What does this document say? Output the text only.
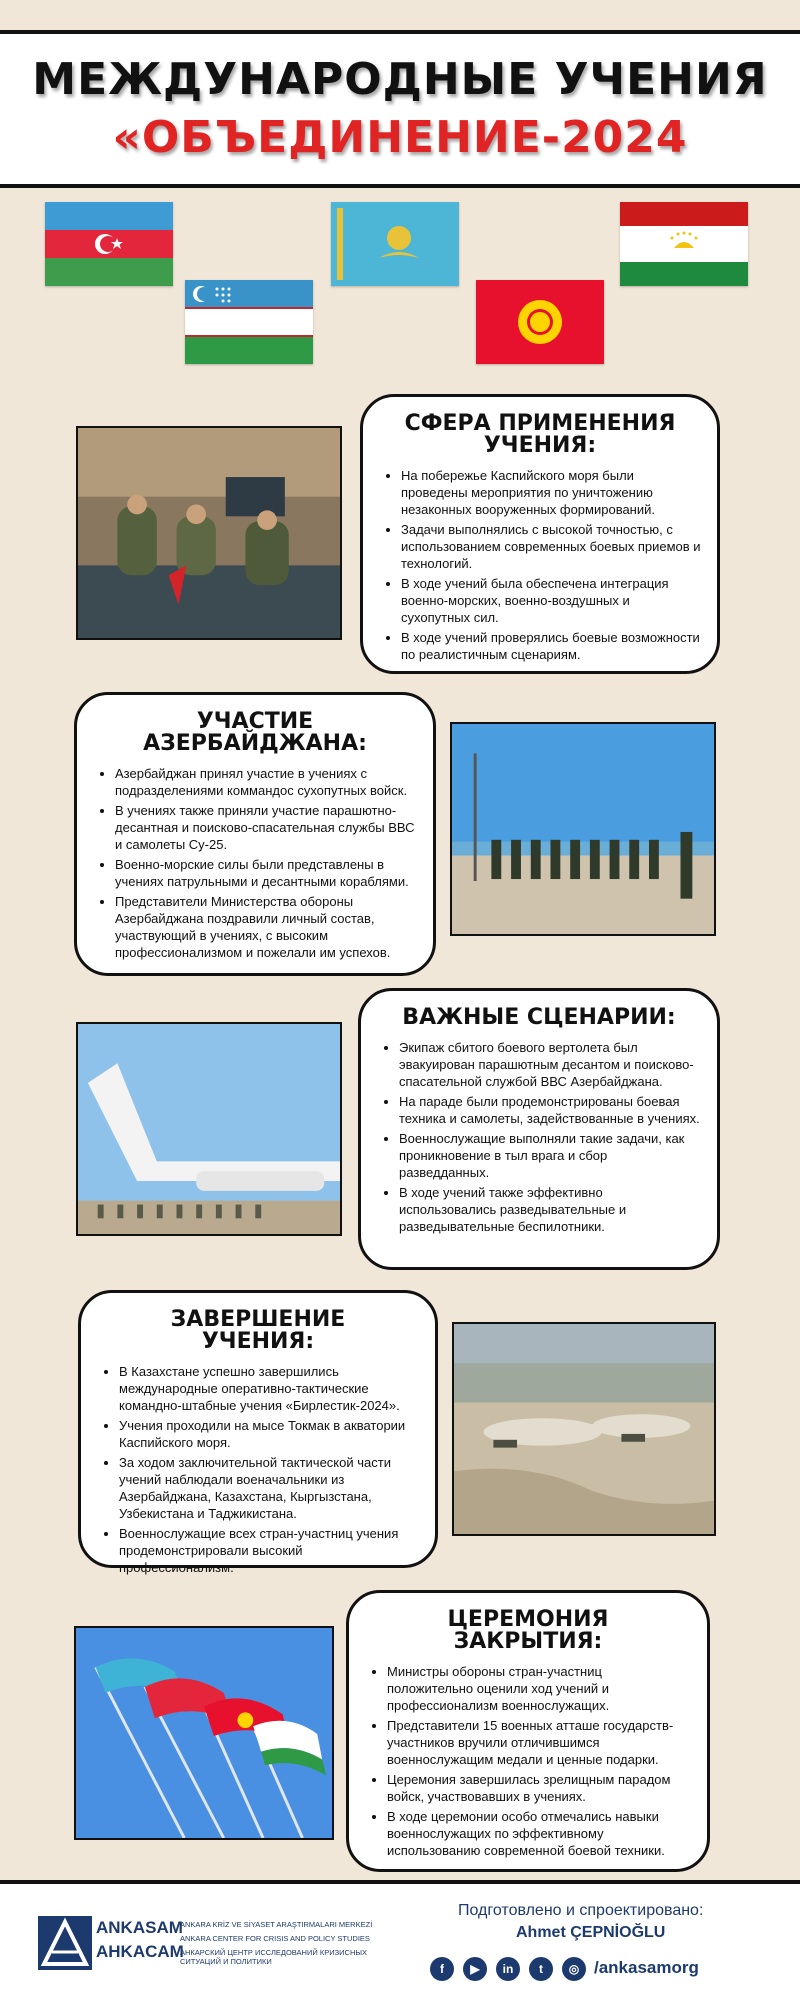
МЕЖДУНАРОДНЫЕ УЧЕНИЯ
«ОБЪЕДИНЕНИЕ-2024
СФЕРА ПРИМЕНЕНИЯ
УЧЕНИЯ:
• На побережье Каспийского моря были проведены мероприятия по уничтожению незаконных вооруженных формирований.
• Задачи выполнялись с высокой точностью, с использованием современных боевых приемов и технологий.
• В ходе учений была обеспечена интеграция военно-морских, военно-воздушных и сухопутных сил.
• В ходе учений проверялись боевые возможности по реалистичным сценариям.
УЧАСТИЕ
АЗЕРБАЙДЖАНА:
• Азербайджан принял участие в учениях с подразделениями коммандос сухопутных войск.
• В учениях также приняли участие парашютно-десантная и поисково-спасательная службы ВВС и самолеты Су-25.
• Военно-морские силы были представлены в учениях патрульными и десантными кораблями.
• Представители Министерства обороны Азербайджана поздравили личный состав, участвующий в учениях, с высоким профессионализмом и пожелали им успехов.
ВАЖНЫЕ СЦЕНАРИИ:
• Экипаж сбитого боевого вертолета был эвакуирован парашютным десантом и поисково-спасательной службой ВВС Азербайджана.
• На параде были продемонстрированы боевая техника и самолеты, задействованные в учениях.
• Военнослужащие выполняли такие задачи, как проникновение в тыл врага и сбор разведданных.
• В ходе учений также эффективно использовались разведывательные и разведывательные беспилотники.
ЗАВЕРШЕНИЕ
УЧЕНИЯ:
• В Казахстане успешно завершились международные оперативно-тактические командно-штабные учения «Бирлестик-2024».
• Учения проходили на мысе Токмак в акватории Каспийского моря.
• За ходом заключительной тактической части учений наблюдали военачальники из Азербайджана, Казахстана, Кыргызстана, Узбекистана и Таджикистана.
• Военнослужащие всех стран-участниц учения продемонстрировали высокий профессионализм.
ЦЕРЕМОНИЯ
ЗАКРЫТИЯ:
• Министры обороны стран-участниц положительно оценили ход учений и профессионализм военнослужащих.
• Представители 15 военных атташе государств-участников вручили отличившимся военнослужащим медали и ценные подарки.
• Церемония завершилась зрелищным парадом войск, участвовавших в учениях.
• В ходе церемонии особо отмечались навыки военнослужащих по эффективному использованию современной боевой техники.
ANKASAM
AHKACAM
ANKARA KRİZ VE SİYASET ARAŞTIRMALARI MERKEZİ
ANKARA CENTER FOR CRISIS AND POLICY STUDIES
АНКАРСКИЙ ЦЕНТР ИССЛЕДОВАНИЙ КРИЗИСНЫХ СИТУАЦИЙ И ПОЛИТИКИ
Подготовлено и спроектировано:
Ahmet ÇEPNİOĞLU
f	▶	in	t	◎ /ankasamorg
